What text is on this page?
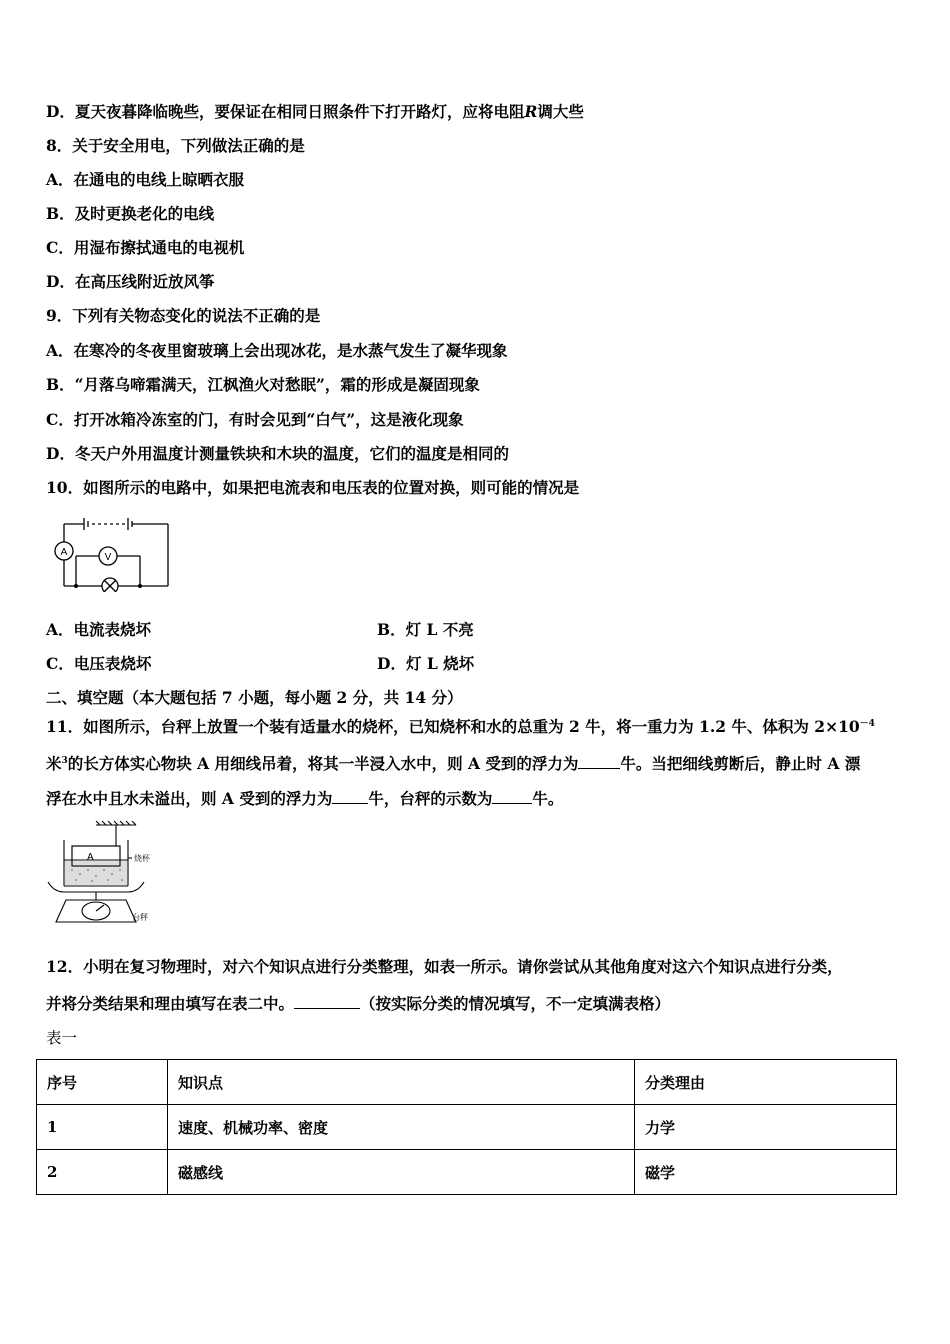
D．夏天夜暮降临晚些，要保证在相同日照条件下打开路灯，应将电阻R调大些
8．关于安全用电，下列做法正确的是
A．在通电的电线上晾晒衣服
B．及时更换老化的电线
C．用湿布擦拭通电的电视机
D．在高压线附近放风筝
9．下列有关物态变化的说法不正确的是
A．在寒冷的冬夜里窗玻璃上会出现冰花，是水蒸气发生了凝华现象
B．“月落乌啼霜满天，江枫渔火对愁眠”，霜的形成是凝固现象
C．打开冰箱冷冻室的门，有时会见到“白气”，这是液化现象
D．冬天户外用温度计测量铁块和木块的温度，它们的温度是相同的
10．如图所示的电路中，如果把电流表和电压表的位置对换，则可能的情况是
A	V
A．电流表烧坏	B．灯 L 不亮
C．电压表烧坏	D．灯 L 烧坏
二、填空题（本大题包括 7 小题，每小题 2 分，共 14 分）
11．如图所示，台秤上放置一个装有适量水的烧杯，已知烧杯和水的总重为 2 牛，将一重力为 1.2 牛、体积为 $2\times 10^{-4}$
米$^3$的长方体实心物块 A 用细线吊着，将其一半浸入水中，则 A 受到的浮力为	牛。当把细线剪断后，静止时 A 漂
浮在水中且水未溢出，则 A 受到的浮力为 牛，台秤的示数为	牛。
A	烧杯
台秤
12．小明在复习物理时，对六个知识点进行分类整理，如表一所示。请你尝试从其他角度对这六个知识点进行分类，
并将分类结果和理由填写在表二中。	（按实际分类的情况填写，不一定填满表格）
表一
序号	知识点	分类理由
1	速度、机械功率、密度	力学
2	磁感线	磁学
